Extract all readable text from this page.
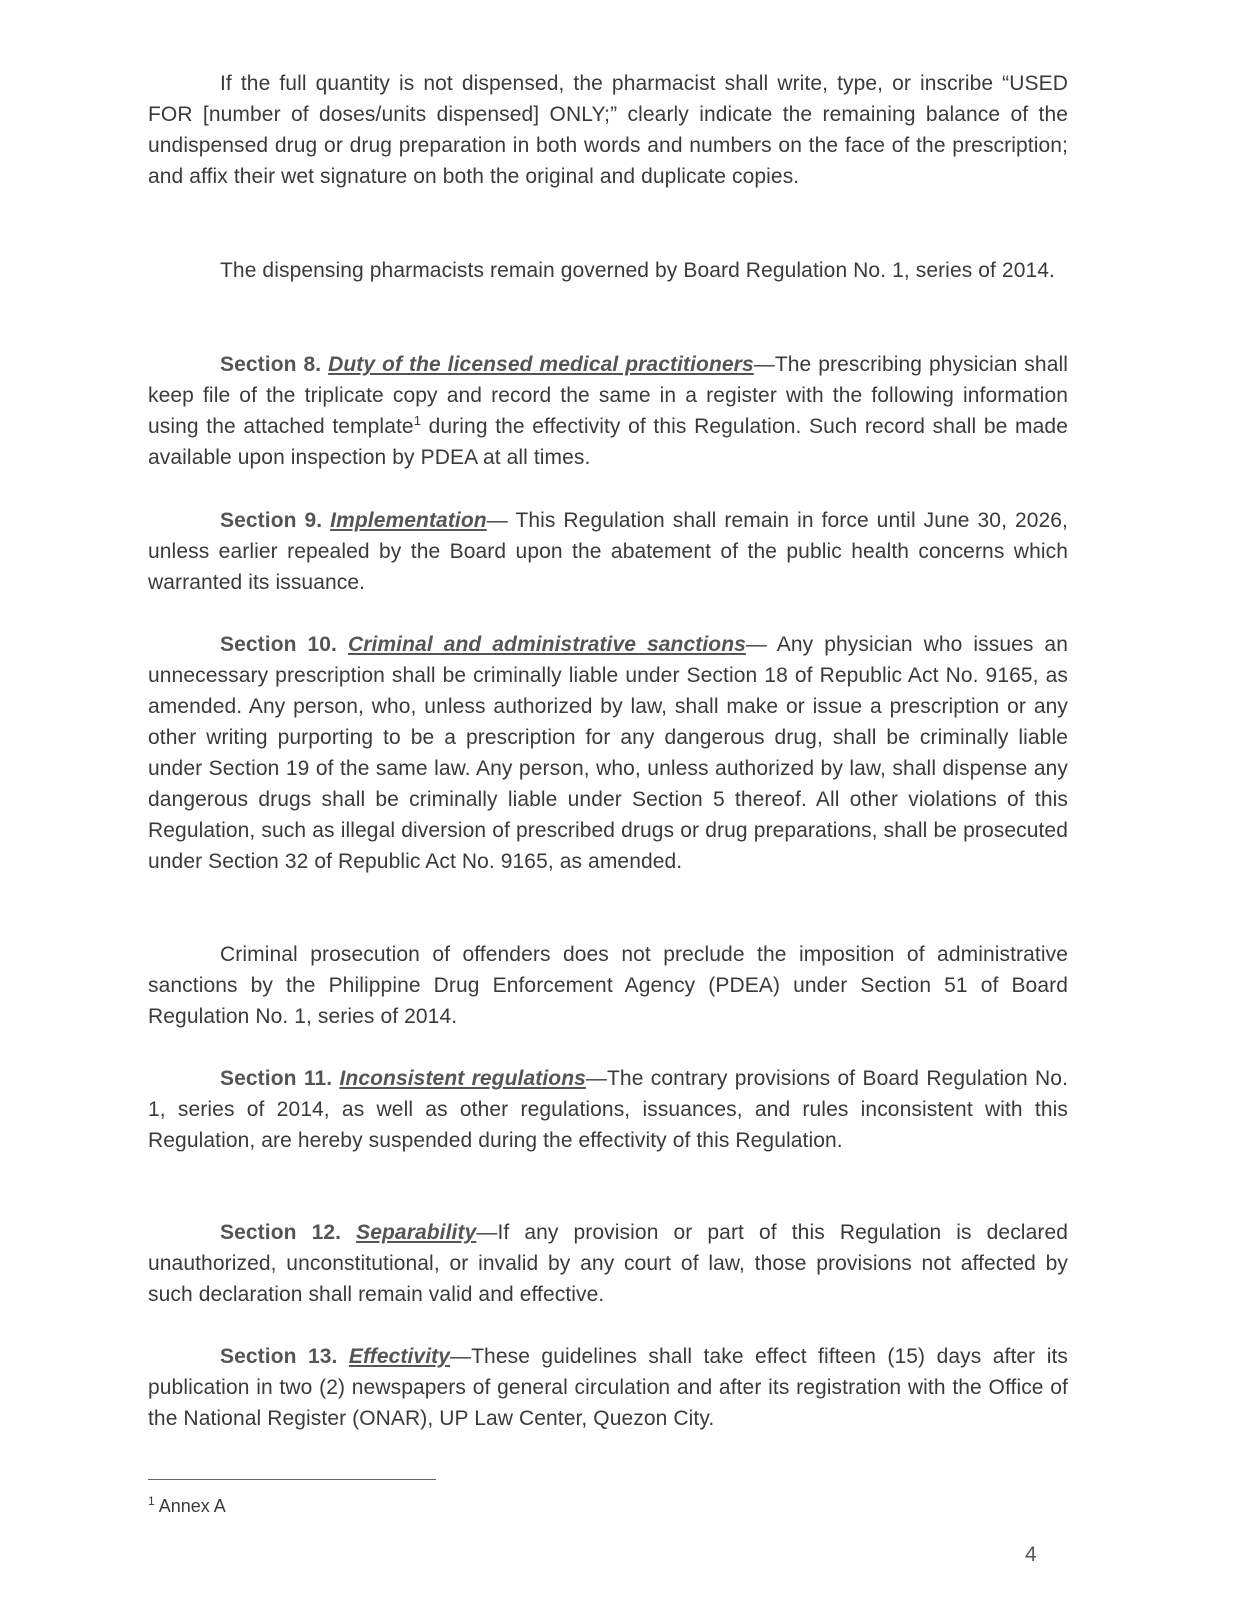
If the full quantity is not dispensed, the pharmacist shall write, type, or inscribe “USED FOR [number of doses/units dispensed] ONLY;” clearly indicate the remaining balance of the undispensed drug or drug preparation in both words and numbers on the face of the prescription; and affix their wet signature on both the original and duplicate copies.

The dispensing pharmacists remain governed by Board Regulation No. 1, series of 2014.

Section 8. Duty of the licensed medical practitioners—The prescribing physician shall keep file of the triplicate copy and record the same in a register with the following information using the attached template$^1$ during the effectivity of this Regulation. Such record shall be made available upon inspection by PDEA at all times.

Section 9. Implementation— This Regulation shall remain in force until June 30, 2026, unless earlier repealed by the Board upon the abatement of the public health concerns which warranted its issuance.

Section 10. Criminal and administrative sanctions— Any physician who issues an unnecessary prescription shall be criminally liable under Section 18 of Republic Act No. 9165, as amended. Any person, who, unless authorized by law, shall make or issue a prescription or any other writing purporting to be a prescription for any dangerous drug, shall be criminally liable under Section 19 of the same law. Any person, who, unless authorized by law, shall dispense any dangerous drugs shall be criminally liable under Section 5 thereof. All other violations of this Regulation, such as illegal diversion of prescribed drugs or drug preparations, shall be prosecuted under Section 32 of Republic Act No. 9165, as amended.

Criminal prosecution of offenders does not preclude the imposition of administrative sanctions by the Philippine Drug Enforcement Agency (PDEA) under Section 51 of Board Regulation No. 1, series of 2014.

Section 11. Inconsistent regulations—The contrary provisions of Board Regulation No. 1, series of 2014, as well as other regulations, issuances, and rules inconsistent with this Regulation, are hereby suspended during the effectivity of this Regulation.

Section 12. Separability—If any provision or part of this Regulation is declared unauthorized, unconstitutional, or invalid by any court of law, those provisions not affected by such declaration shall remain valid and effective.

Section 13. Effectivity—These guidelines shall take effect fifteen (15) days after its publication in two (2) newspapers of general circulation and after its registration with the Office of the National Register (ONAR), UP Law Center, Quezon City.

$^1$ Annex A
4
